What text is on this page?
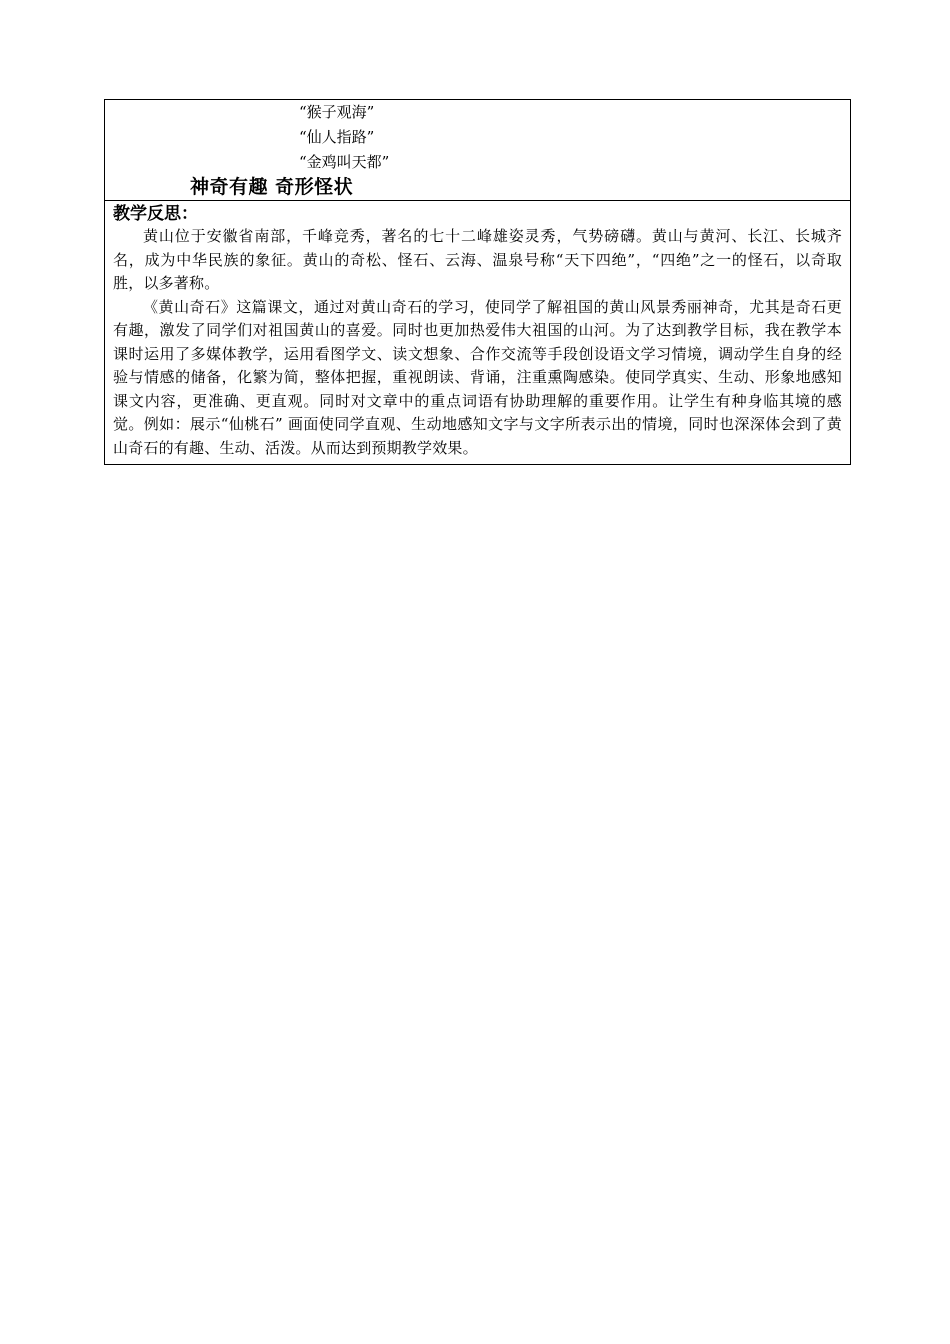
“猴子观海”
“仙人指路”
“金鸡叫天都”
神奇有趣 奇形怪状

教学反思：

黄山位于安徽省南部，千峰竞秀，著名的七十二峰雄姿灵秀，气势磅礴。黄山与黄河、长江、长城齐名，成为中华民族的象征。黄山的奇松、怪石、云海、温泉号称“天下四绝”，“四绝”之一的怪石，以奇取胜，以多著称。

《黄山奇石》这篇课文，通过对黄山奇石的学习，使同学了解祖国的黄山风景秀丽神奇，尤其是奇石更有趣，激发了同学们对祖国黄山的喜爱。同时也更加热爱伟大祖国的山河。为了达到教学目标，我在教学本课时运用了多媒体教学，运用看图学文、读文想象、合作交流等手段创设语文学习情境，调动学生自身的经验与情感的储备，化繁为简，整体把握，重视朗读、背诵，注重熏陶感染。使同学真实、生动、形象地感知课文内容，更准确、更直观。同时对文章中的重点词语有协助理解的重要作用。让学生有种身临其境的感觉。例如：展示“仙桃石” 画面使同学直观、生动地感知文字与文字所表示出的情境，同时也深深体会到了黄山奇石的有趣、生动、活泼。从而达到预期教学效果。
